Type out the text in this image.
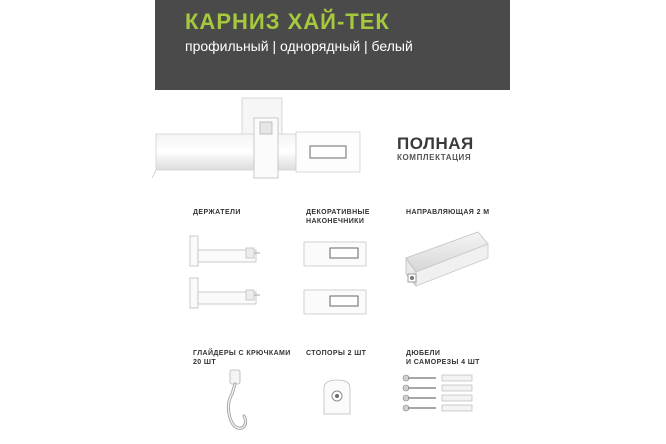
КАРНИЗ ХАЙ-ТЕК
профильный | однорядный | белый
ПОЛНАЯ
КОМПЛЕКТАЦИЯ
ДЕРЖАТЕЛИ	ДЕКОРАТИВНЫЕ
НАКОНЕЧНИКИ
НАПРАВЛЯЮЩАЯ 2 М
ГЛАЙДЕРЫ С КРЮЧКАМИ
20 ШТ
СТОПОРЫ 2 ШТ	ДЮБЕЛИ
И САМОРЕЗЫ 4 ШТ
